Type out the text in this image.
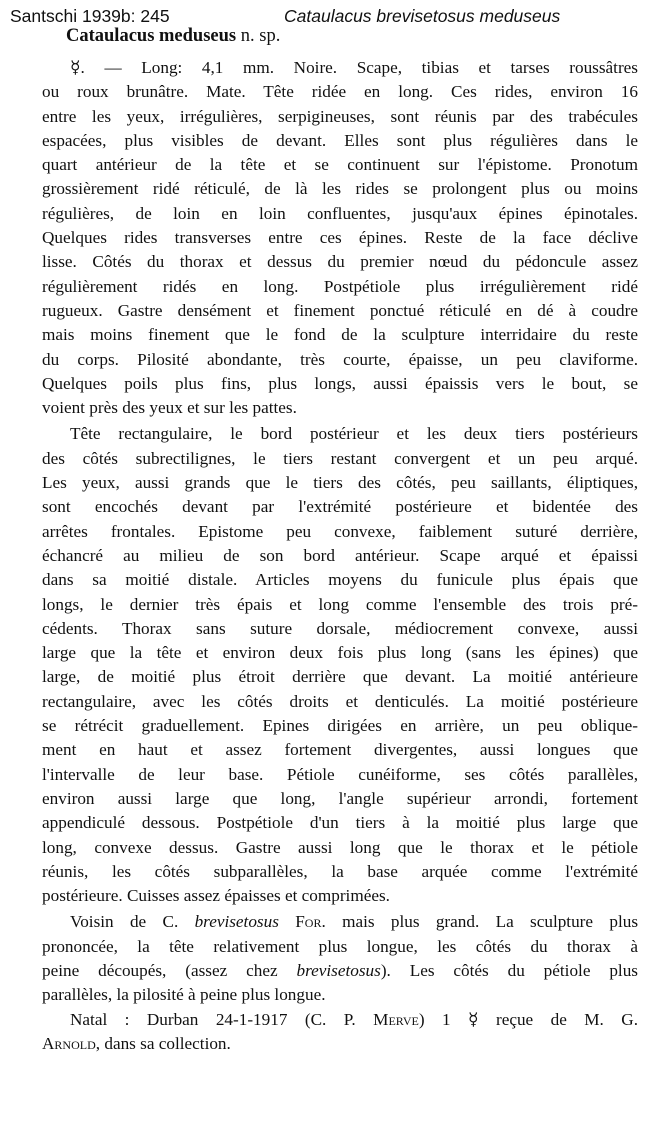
Santschi 1939b: 245	Cataulacus brevisetosus meduseus
Cataulacus meduseus n. sp.

☿. — Long: 4,1 mm. Noire. Scape, tibias et tarses roussâtres
ou roux brunâtre. Mate. Tête ridée en long. Ces rides, environ 16
entre les yeux, irrégulières, serpigineuses, sont réunis par des trabécules
espacées, plus visibles de devant. Elles sont plus régulières dans le
quart antérieur de la tête et se continuent sur l'épistome. Pronotum
grossièrement ridé réticulé, de là les rides se prolongent plus ou moins
régulières, de loin en loin confluentes, jusqu'aux épines épinotales.
Quelques rides transverses entre ces épines. Reste de la face déclive
lisse. Côtés du thorax et dessus du premier nœud du pédoncule assez
régulièrement ridés en long. Postpétiole plus irrégulièrement ridé
rugueux. Gastre densément et finement ponctué réticulé en dé à coudre
mais moins finement que le fond de la sculpture interridaire du reste
du corps. Pilosité abondante, très courte, épaisse, un peu claviforme.
Quelques poils plus fins, plus longs, aussi épaissis vers le bout, se
voient près des yeux et sur les pattes.

Tête rectangulaire, le bord postérieur et les deux tiers postérieurs
des côtés subrectilignes, le tiers restant convergent et un peu arqué.
Les yeux, aussi grands que le tiers des côtés, peu saillants, éliptiques,
sont encochés devant par l'extrémité postérieure et bidentée des
arrêtes frontales. Epistome peu convexe, faiblement suturé derrière,
échancré au milieu de son bord antérieur. Scape arqué et épaissi
dans sa moitié distale. Articles moyens du funicule plus épais que
longs, le dernier très épais et long comme l'ensemble des trois pré-
cédents. Thorax sans suture dorsale, médiocrement convexe, aussi
large que la tête et environ deux fois plus long (sans les épines) que
large, de moitié plus étroit derrière que devant. La moitié antérieure
rectangulaire, avec les côtés droits et denticulés. La moitié postérieure
se rétrécit graduellement. Epines dirigées en arrière, un peu oblique-
ment en haut et assez fortement divergentes, aussi longues que
l'intervalle de leur base. Pétiole cunéiforme, ses côtés parallèles,
environ aussi large que long, l'angle supérieur arrondi, fortement
appendiculé dessous. Postpétiole d'un tiers à la moitié plus large que
long, convexe dessus. Gastre aussi long que le thorax et le pétiole
réunis, les côtés subparallèles, la base arquée comme l'extrémité
postérieure. Cuisses assez épaisses et comprimées.

Voisin de C. brevisetosus For. mais plus grand. La sculpture plus
prononcée, la tête relativement plus longue, les côtés du thorax à
peine découpés, (assez chez brevisetosus). Les côtés du pétiole plus
parallèles, la pilosité à peine plus longue.

Natal : Durban 24-1-1917 (C. P. Merve) 1 ☿ reçue de M. G.
Arnold, dans sa collection.
